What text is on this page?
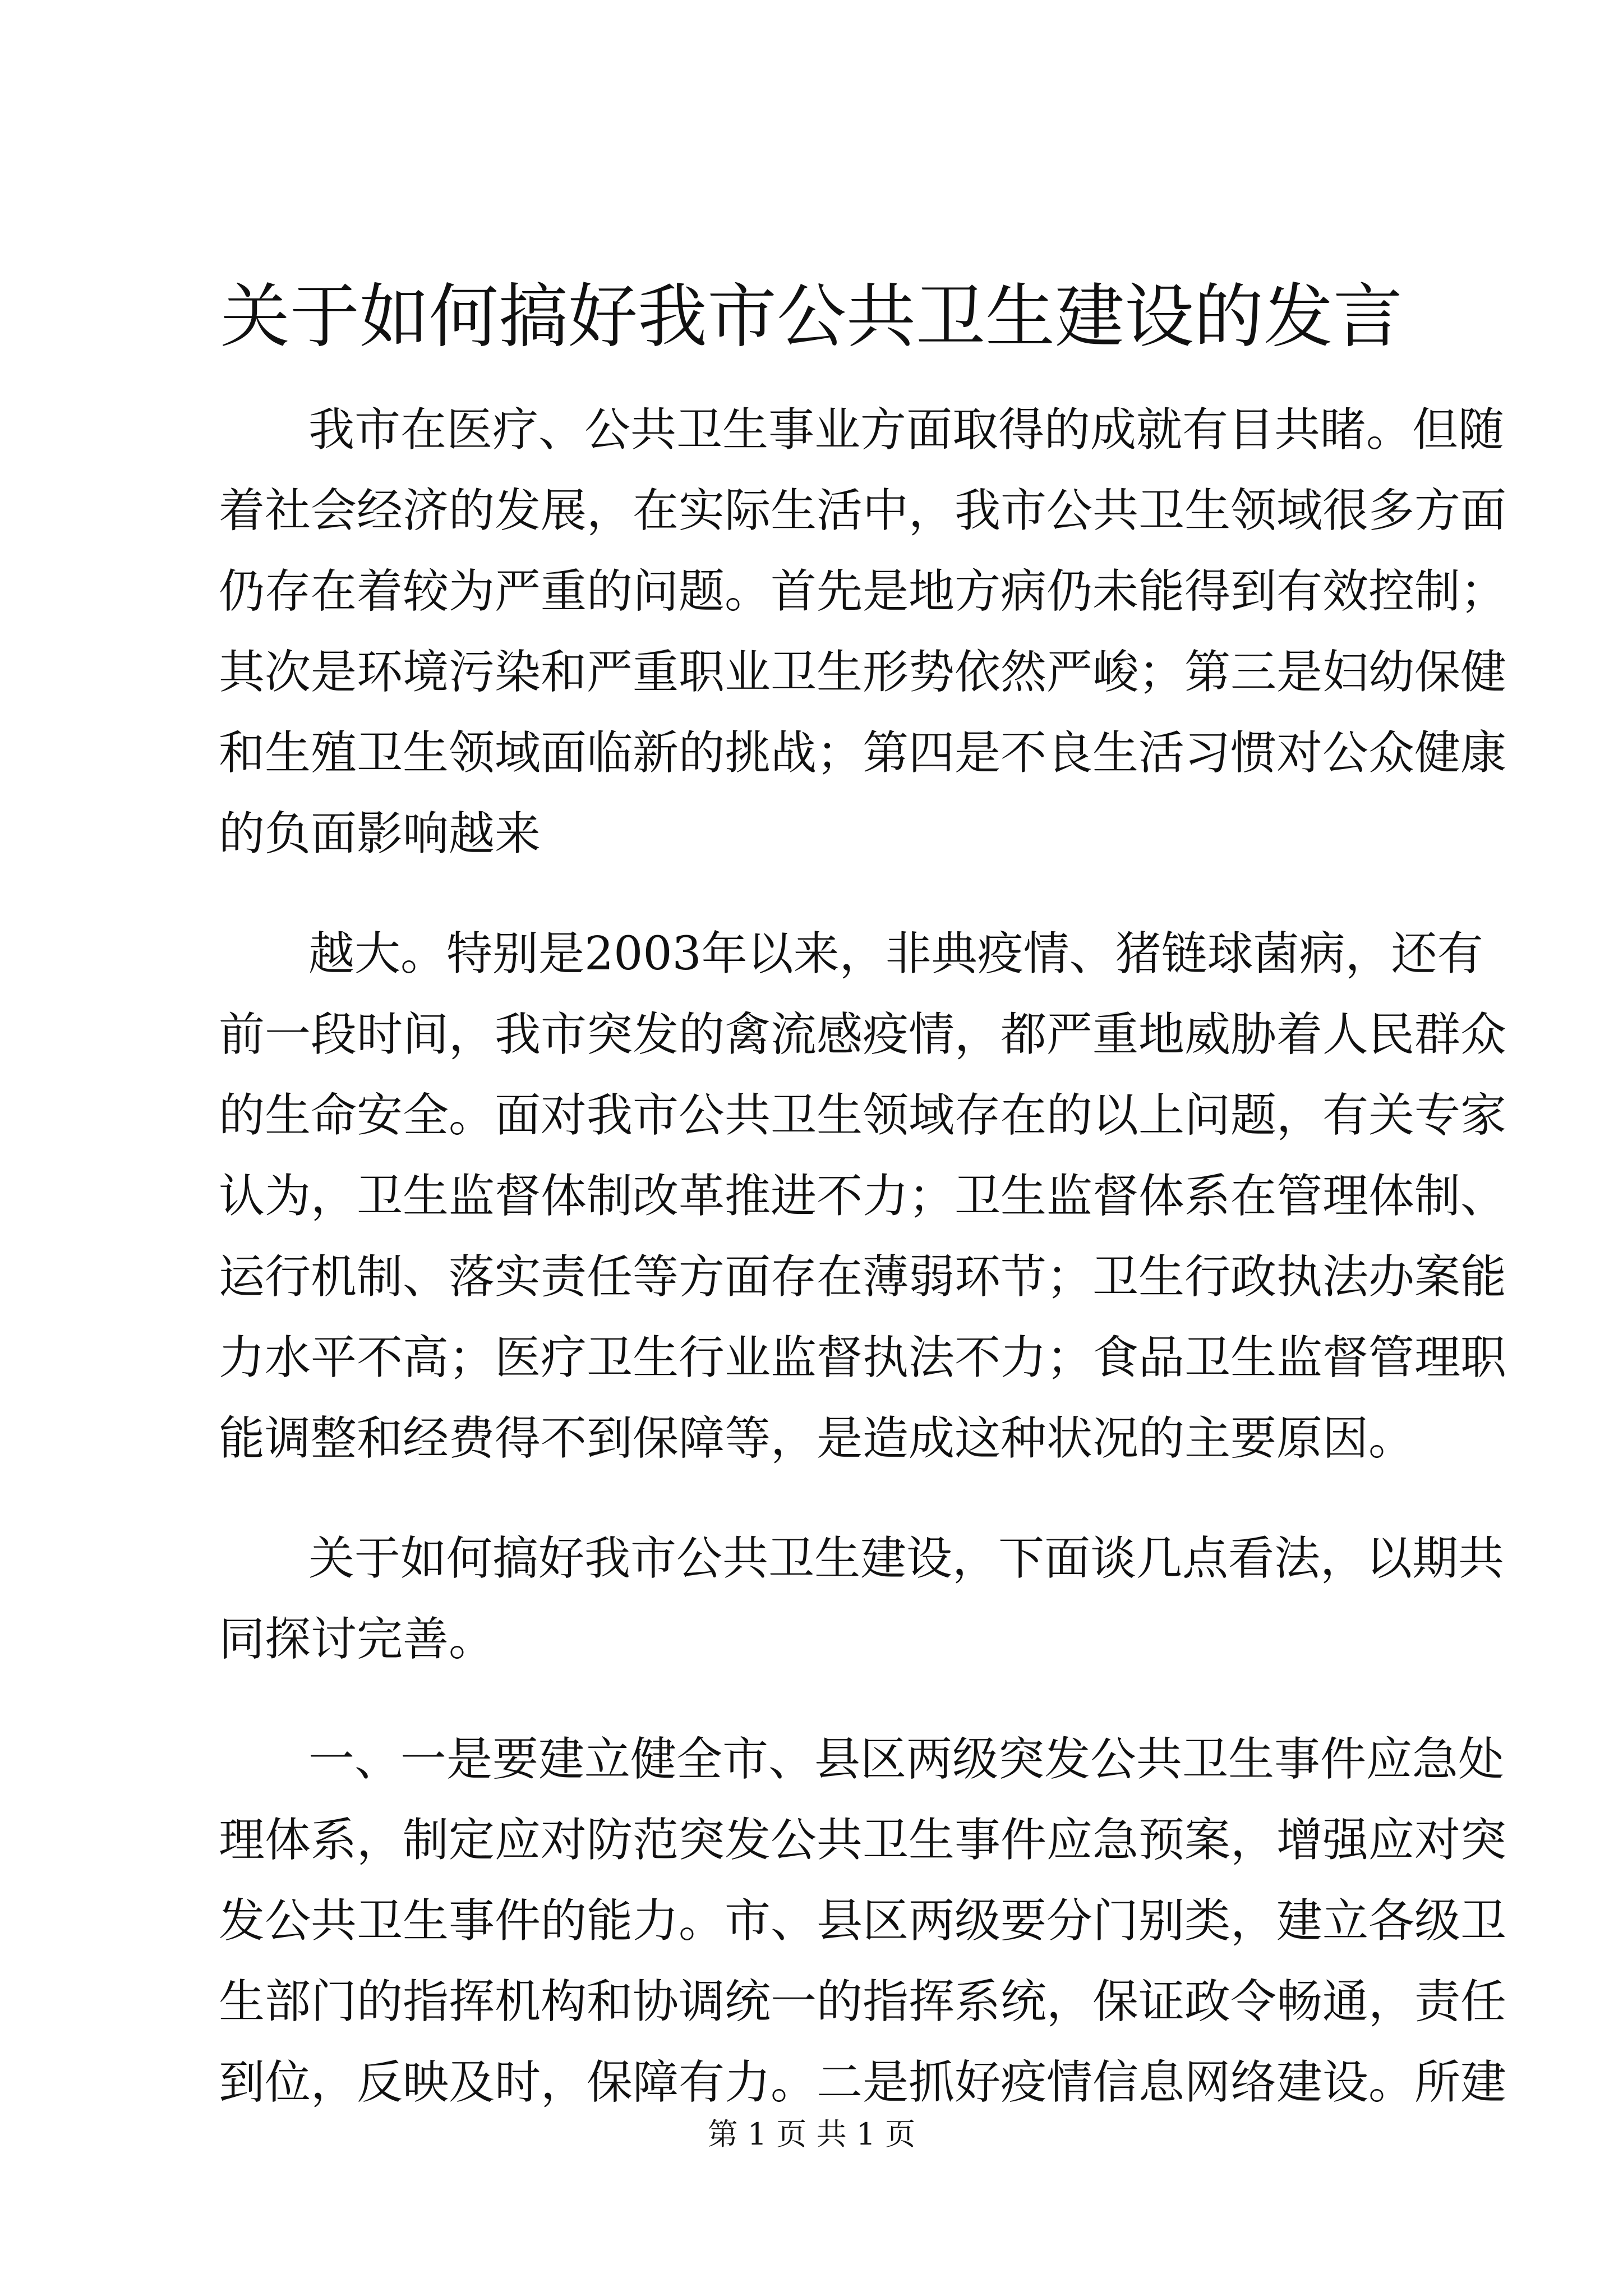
关于如何搞好我市公共卫生建设的发言
我市在医疗、公共卫生事业方面取得的成就有目共睹。但随
着社会经济的发展，在实际生活中，我市公共卫生领域很多方面
仍存在着较为严重的问题。首先是地方病仍未能得到有效控制；
其次是环境污染和严重职业卫生形势依然严峻；第三是妇幼保健
和生殖卫生领域面临新的挑战；第四是不良生活习惯对公众健康
的负面影响越来
越大。特别是2003年以来，非典疫情、猪链球菌病，还有
前一段时间，我市突发的禽流感疫情，都严重地威胁着人民群众
的生命安全。面对我市公共卫生领域存在的以上问题，有关专家
认为，卫生监督体制改革推进不力；卫生监督体系在管理体制、
运行机制、落实责任等方面存在薄弱环节；卫生行政执法办案能
力水平不高；医疗卫生行业监督执法不力；食品卫生监督管理职
能调整和经费得不到保障等，是造成这种状况的主要原因。
关于如何搞好我市公共卫生建设，下面谈几点看法，以期共
同探讨完善。
一、一是要建立健全市、县区两级突发公共卫生事件应急处
理体系，制定应对防范突发公共卫生事件应急预案，增强应对突
发公共卫生事件的能力。市、县区两级要分门别类，建立各级卫
生部门的指挥机构和协调统一的指挥系统，保证政令畅通，责任
到位，反映及时，保障有力。二是抓好疫情信息网络建设。所建
第 1 页 共 1 页
